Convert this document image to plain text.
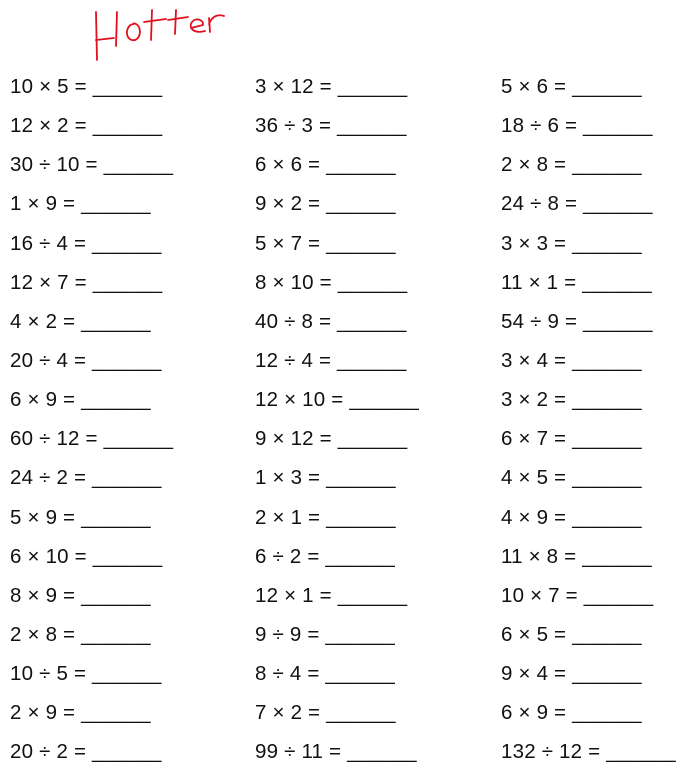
10 × 5 = ______
12 × 2 = ______
30 ÷ 10 = ______
1 × 9 = ______
16 ÷ 4 = ______
12 × 7 = ______
4 × 2 = ______
20 ÷ 4 = ______
6 × 9 = ______
60 ÷ 12 = ______
24 ÷ 2 = ______
5 × 9 = ______
6 × 10 = ______
8 × 9 = ______
2 × 8 = ______
10 ÷ 5 = ______
2 × 9 = ______
20 ÷ 2 = ______
3 × 12 = ______
36 ÷ 3 = ______
6 × 6 = ______
9 × 2 = ______
5 × 7 = ______
8 × 10 = ______
40 ÷ 8 = ______
12 ÷ 4 = ______
12 × 10 = ______
9 × 12 = ______
1 × 3 = ______
2 × 1 = ______
6 ÷ 2 = ______
12 × 1 = ______
9 ÷ 9 = ______
8 ÷ 4 = ______
7 × 2 = ______
99 ÷ 11 = ______
5 × 6 = ______
18 ÷ 6 = ______
2 × 8 = ______
24 ÷ 8 = ______
3 × 3 = ______
11 × 1 = ______
54 ÷ 9 = ______
3 × 4 = ______
3 × 2 = ______
6 × 7 = ______
4 × 5 = ______
4 × 9 = ______
11 × 8 = ______
10 × 7 = ______
6 × 5 = ______
9 × 4 = ______
6 × 9 = ______
132 ÷ 12 = ______
